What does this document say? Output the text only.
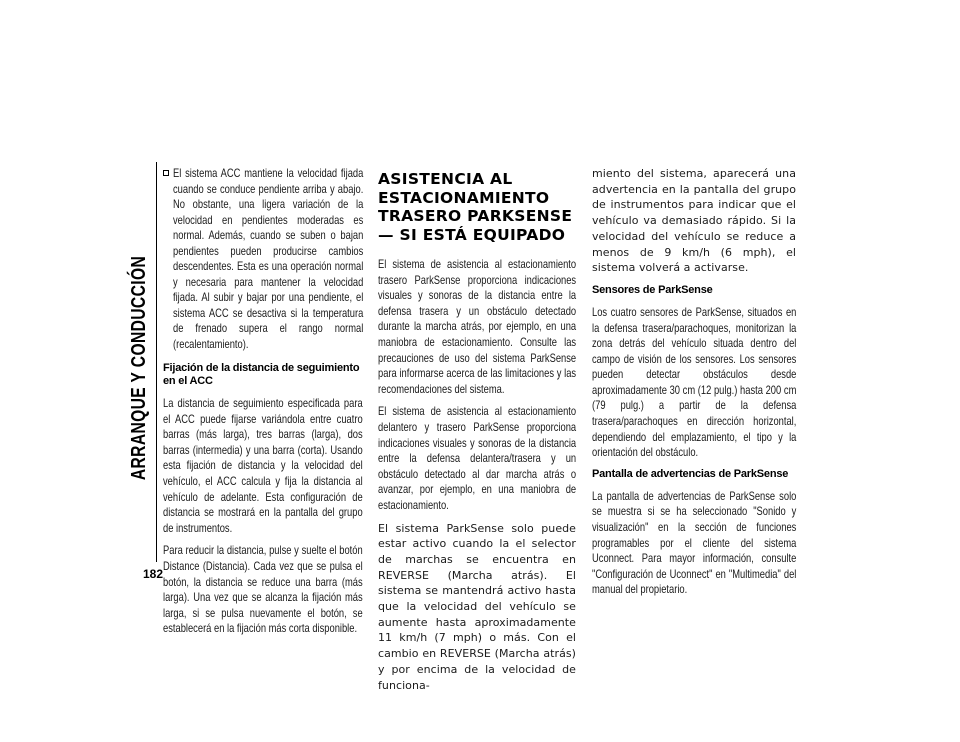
ARRANQUE Y CONDUCCIÓN
182

El sistema ACC mantiene la velocidad fijada cuando se conduce pendiente arriba y abajo. No obstante, una ligera variación de la velocidad en pendientes moderadas es normal. Además, cuando se suben o bajan pendientes pueden producirse cambios descendentes. Esta es una operación normal y necesaria para mantener la velocidad fijada. Al subir y bajar por una pendiente, el sistema ACC se desactiva si la temperatura de frenado supera el rango normal (recalentamiento).

Fijación de la distancia de seguimiento en el ACC

La distancia de seguimiento especificada para el ACC puede fijarse variándola entre cuatro barras (más larga), tres barras (larga), dos barras (intermedia) y una barra (corta). Usando esta fijación de distancia y la velocidad del vehículo, el ACC calcula y fija la distancia al vehículo de adelante. Esta configuración de distancia se mostrará en la pantalla del grupo de instrumentos.

Para reducir la distancia, pulse y suelte el botón Distance (Distancia). Cada vez que se pulsa el botón, la distancia se reduce una barra (más larga). Una vez que se alcanza la fijación más larga, si se pulsa nuevamente el botón, se establecerá en la fijación más corta disponible.

ASISTENCIA AL ESTACIONAMIENTO TRASERO PARKSENSE — SI ESTÁ EQUIPADO

El sistema de asistencia al estacionamiento trasero ParkSense proporciona indicaciones visuales y sonoras de la distancia entre la defensa trasera y un obstáculo detectado durante la marcha atrás, por ejemplo, en una maniobra de estacionamiento. Consulte las precauciones de uso del sistema ParkSense para informarse acerca de las limitaciones y las recomendaciones del sistema.

El sistema de asistencia al estacionamiento delantero y trasero ParkSense proporciona indicaciones visuales y sonoras de la distancia entre la defensa delantera/trasera y un obstáculo detectado al dar marcha atrás o avanzar, por ejemplo, en una maniobra de estacionamiento.

El sistema ParkSense solo puede estar activo cuando la el selector de marchas se encuentra en REVERSE (Marcha atrás). El sistema se mantendrá activo hasta que la velocidad del vehículo se aumente hasta aproximadamente 11 km/h (7 mph) o más. Con el cambio en REVERSE (Marcha atrás) y por encima de la velocidad de funciona-

miento del sistema, aparecerá una advertencia en la pantalla del grupo de instrumentos para indicar que el vehículo va demasiado rápido. Si la velocidad del vehículo se reduce a menos de 9 km/h (6 mph), el sistema volverá a activarse.

Sensores de ParkSense

Los cuatro sensores de ParkSense, situados en la defensa trasera/parachoques, monitorizan la zona detrás del vehículo situada dentro del campo de visión de los sensores. Los sensores pueden detectar obstáculos desde aproximadamente 30 cm (12 pulg.) hasta 200 cm (79 pulg.) a partir de la defensa trasera/parachoques en dirección horizontal, dependiendo del emplazamiento, el tipo y la orientación del obstáculo.

Pantalla de advertencias de ParkSense

La pantalla de advertencias de ParkSense solo se muestra si se ha seleccionado "Sonido y visualización" en la sección de funciones programables por el cliente del sistema Uconnect. Para mayor información, consulte "Configuración de Uconnect" en "Multimedia" del manual del propietario.
